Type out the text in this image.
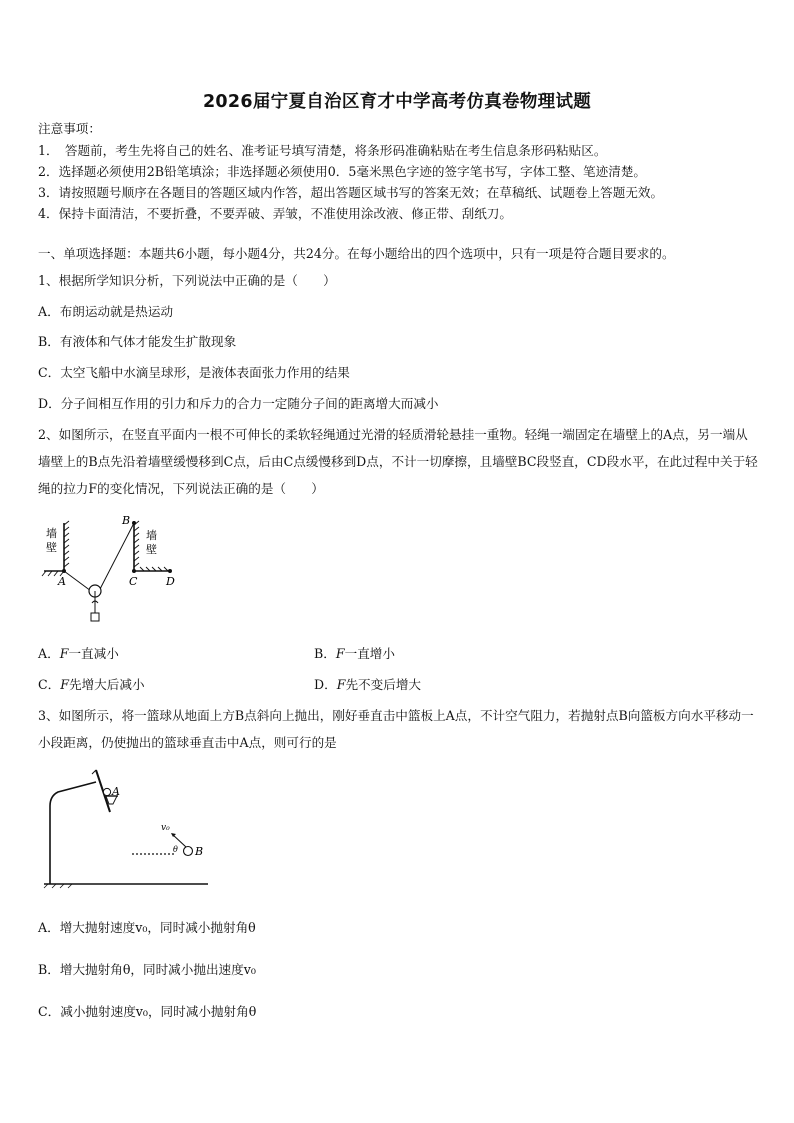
2026届宁夏自治区育才中学高考仿真卷物理试题
注意事项：
1．　答题前，考生先将自己的姓名、准考证号填写清楚，将条形码准确粘贴在考生信息条形码粘贴区。
2．选择题必须使用2B铅笔填涂；非选择题必须使用0．5毫米黑色字迹的签字笔书写，字体工整、笔迹清楚。
3．请按照题号顺序在各题目的答题区域内作答，超出答题区域书写的答案无效；在草稿纸、试题卷上答题无效。
4．保持卡面清洁，不要折叠，不要弄破、弄皱，不准使用涂改液、修正带、刮纸刀。
一、单项选择题：本题共6小题，每小题4分，共24分。在每小题给出的四个选项中，只有一项是符合题目要求的。
1、根据所学知识分析，下列说法中正确的是（　　）
A．布朗运动就是热运动
B．有液体和气体才能发生扩散现象
C．太空飞船中水滴呈球形，是液体表面张力作用的结果
D．分子间相互作用的引力和斥力的合力一定随分子间的距离增大而减小
2、如图所示，在竖直平面内一根不可伸长的柔软轻绳通过光滑的轻质滑轮悬挂一重物。轻绳一端固定在墙壁上的A点，另一端从墙壁上的B点先沿着墙壁缓慢移到C点，后由C点缓慢移到D点，不计一切摩擦，且墙壁BC段竖直，CD段水平，在此过程中关于轻绳的拉力F的变化情况，下列说法正确的是（　　）
墙
壁
A
墙
壁
B
C	D
A．F一直减小	B．F一直增小
C．F先增大后减小	D．F先不变后增大
3、如图所示，将一篮球从地面上方B点斜向上抛出，刚好垂直击中篮板上A点，不计空气阻力，若抛射点B向篮板方向水平移动一小段距离，仍使抛出的篮球垂直击中A点，则可行的是
A
B
v₀
θ
A．增大抛射速度v₀，同时减小抛射角θ
B．增大抛射角θ，同时减小抛出速度v₀
C．减小抛射速度v₀，同时减小抛射角θ
